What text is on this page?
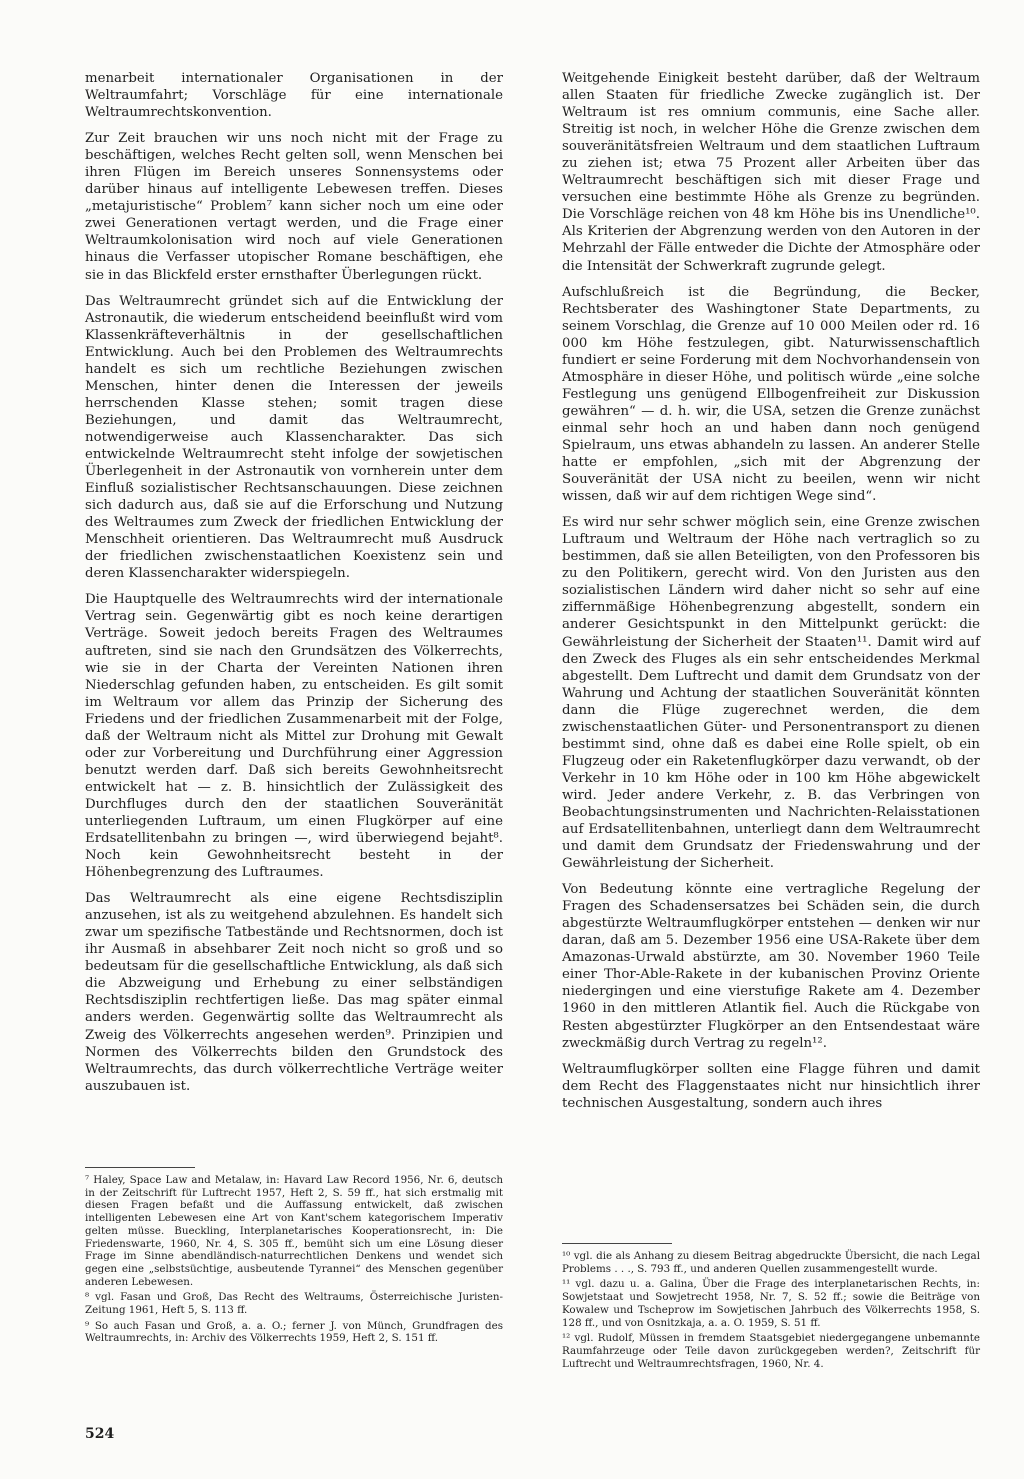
menarbeit internationaler Organisationen in der Weltraumfahrt; Vorschläge für eine internationale Weltraumrechtskonvention.

Zur Zeit brauchen wir uns noch nicht mit der Frage zu beschäftigen, welches Recht gelten soll, wenn Menschen bei ihren Flügen im Bereich unseres Sonnensystems oder darüber hinaus auf intelligente Lebewesen treffen. Dieses „metajuristische“ Problem⁷ kann sicher noch um eine oder zwei Generationen vertagt werden, und die Frage einer Weltraumkolonisation wird noch auf viele Generationen hinaus die Verfasser utopischer Romane beschäftigen, ehe sie in das Blickfeld erster ernsthafter Überlegungen rückt.

Das Weltraumrecht gründet sich auf die Entwicklung der Astronautik, die wiederum entscheidend beeinflußt wird vom Klassenkräfteverhältnis in der gesellschaftlichen Entwicklung. Auch bei den Problemen des Weltraumrechts handelt es sich um rechtliche Beziehungen zwischen Menschen, hinter denen die Interessen der jeweils herrschenden Klasse stehen; somit tragen diese Beziehungen, und damit das Weltraumrecht, notwendigerweise auch Klassencharakter. Das sich entwickelnde Weltraumrecht steht infolge der sowjetischen Überlegenheit in der Astronautik von vornherein unter dem Einfluß sozialistischer Rechtsanschauungen. Diese zeichnen sich dadurch aus, daß sie auf die Erforschung und Nutzung des Weltraumes zum Zweck der friedlichen Entwicklung der Menschheit orientieren. Das Weltraumrecht muß Ausdruck der friedlichen zwischenstaatlichen Koexistenz sein und deren Klassencharakter widerspiegeln.

Die Hauptquelle des Weltraumrechts wird der internationale Vertrag sein. Gegenwärtig gibt es noch keine derartigen Verträge. Soweit jedoch bereits Fragen des Weltraumes auftreten, sind sie nach den Grundsätzen des Völkerrechts, wie sie in der Charta der Vereinten Nationen ihren Niederschlag gefunden haben, zu entscheiden. Es gilt somit im Weltraum vor allem das Prinzip der Sicherung des Friedens und der friedlichen Zusammenarbeit mit der Folge, daß der Weltraum nicht als Mittel zur Drohung mit Gewalt oder zur Vorbereitung und Durchführung einer Aggression benutzt werden darf. Daß sich bereits Gewohnheitsrecht entwickelt hat — z. B. hinsichtlich der Zulässigkeit des Durchfluges durch den der staatlichen Souveränität unterliegenden Luftraum, um einen Flugkörper auf eine Erdsatellitenbahn zu bringen —, wird überwiegend bejaht⁸. Noch kein Gewohnheitsrecht besteht in der Höhenbegrenzung des Luftraumes.

Das Weltraumrecht als eine eigene Rechtsdisziplin anzusehen, ist als zu weitgehend abzulehnen. Es handelt sich zwar um spezifische Tatbestände und Rechtsnormen, doch ist ihr Ausmaß in absehbarer Zeit noch nicht so groß und so bedeutsam für die gesellschaftliche Entwicklung, als daß sich die Abzweigung und Erhebung zu einer selbständigen Rechtsdisziplin rechtfertigen ließe. Das mag später einmal anders werden. Gegenwärtig sollte das Weltraumrecht als Zweig des Völkerrechts angesehen werden⁹. Prinzipien und Normen des Völkerrechts bilden den Grundstock des Weltraumrechts, das durch völkerrechtliche Verträge weiter auszubauen ist.

Weitgehende Einigkeit besteht darüber, daß der Weltraum allen Staaten für friedliche Zwecke zugänglich ist. Der Weltraum ist res omnium communis, eine Sache aller. Streitig ist noch, in welcher Höhe die Grenze zwischen dem souveränitätsfreien Weltraum und dem staatlichen Luftraum zu ziehen ist; etwa 75 Prozent aller Arbeiten über das Weltraumrecht beschäftigen sich mit dieser Frage und versuchen eine bestimmte Höhe als Grenze zu begründen. Die Vorschläge reichen von 48 km Höhe bis ins Unendliche¹⁰. Als Kriterien der Abgrenzung werden von den Autoren in der Mehrzahl der Fälle entweder die Dichte der Atmosphäre oder die Intensität der Schwerkraft zugrunde gelegt.

Aufschlußreich ist die Begründung, die Becker, Rechtsberater des Washingtoner State Departments, zu seinem Vorschlag, die Grenze auf 10 000 Meilen oder rd. 16 000 km Höhe festzulegen, gibt. Naturwissenschaftlich fundiert er seine Forderung mit dem Nochvorhandensein von Atmosphäre in dieser Höhe, und politisch würde „eine solche Festlegung uns genügend Ellbogenfreiheit zur Diskussion gewähren“ — d. h. wir, die USA, setzen die Grenze zunächst einmal sehr hoch an und haben dann noch genügend Spielraum, uns etwas abhandeln zu lassen. An anderer Stelle hatte er empfohlen, „sich mit der Abgrenzung der Souveränität der USA nicht zu beeilen, wenn wir nicht wissen, daß wir auf dem richtigen Wege sind“.

Es wird nur sehr schwer möglich sein, eine Grenze zwischen Luftraum und Weltraum der Höhe nach vertraglich so zu bestimmen, daß sie allen Beteiligten, von den Professoren bis zu den Politikern, gerecht wird. Von den Juristen aus den sozialistischen Ländern wird daher nicht so sehr auf eine ziffernmäßige Höhenbegrenzung abgestellt, sondern ein anderer Gesichtspunkt in den Mittelpunkt gerückt: die Gewährleistung der Sicherheit der Staaten¹¹. Damit wird auf den Zweck des Fluges als ein sehr entscheidendes Merkmal abgestellt. Dem Luftrecht und damit dem Grundsatz von der Wahrung und Achtung der staatlichen Souveränität könnten dann die Flüge zugerechnet werden, die dem zwischenstaatlichen Güter- und Personentransport zu dienen bestimmt sind, ohne daß es dabei eine Rolle spielt, ob ein Flugzeug oder ein Raketenflugkörper dazu verwandt, ob der Verkehr in 10 km Höhe oder in 100 km Höhe abgewickelt wird. Jeder andere Verkehr, z. B. das Verbringen von Beobachtungsinstrumenten und Nachrichten-Relaisstationen auf Erdsatellitenbahnen, unterliegt dann dem Weltraumrecht und damit dem Grundsatz der Friedenswahrung und der Gewährleistung der Sicherheit.

Von Bedeutung könnte eine vertragliche Regelung der Fragen des Schadensersatzes bei Schäden sein, die durch abgestürzte Weltraumflugkörper entstehen — denken wir nur daran, daß am 5. Dezember 1956 eine USA-Rakete über dem Amazonas-Urwald abstürzte, am 30. November 1960 Teile einer Thor-Able-Rakete in der kubanischen Provinz Oriente niedergingen und eine vierstufige Rakete am 4. Dezember 1960 in den mittleren Atlantik fiel. Auch die Rückgabe von Resten abgestürzter Flugkörper an den Entsendestaat wäre zweckmäßig durch Vertrag zu regeln¹².

Weltraumflugkörper sollten eine Flagge führen und damit dem Recht des Flaggenstaates nicht nur hinsichtlich ihrer technischen Ausgestaltung, sondern auch ihres

⁷ Haley, Space Law and Metalaw, in: Havard Law Record 1956, Nr. 6, deutsch in der Zeitschrift für Luftrecht 1957, Heft 2, S. 59 ff., hat sich erstmalig mit diesen Fragen befaßt und die Auffassung entwickelt, daß zwischen intelligenten Lebewesen eine Art von Kant'schem kategorischem Imperativ gelten müsse. Bueckling, Interplanetarisches Kooperationsrecht, in: Die Friedenswarte, 1960, Nr. 4, S. 305 ff., bemüht sich um eine Lösung dieser Frage im Sinne abendländisch-naturrechtlichen Denkens und wendet sich gegen eine „selbstsüchtige, ausbeutende Tyrannei“ des Menschen gegenüber anderen Lebewesen.

⁸ vgl. Fasan und Groß, Das Recht des Weltraums, Österreichische Juristen-Zeitung 1961, Heft 5, S. 113 ff.

⁹ So auch Fasan und Groß, a. a. O.; ferner J. von Münch, Grundfragen des Weltraumrechts, in: Archiv des Völkerrechts 1959, Heft 2, S. 151 ff.

¹⁰ vgl. die als Anhang zu diesem Beitrag abgedruckte Übersicht, die nach Legal Problems . . ., S. 793 ff., und anderen Quellen zusammengestellt wurde.

¹¹ vgl. dazu u. a. Galina, Über die Frage des interplanetarischen Rechts, in: Sowjetstaat und Sowjetrecht 1958, Nr. 7, S. 52 ff.; sowie die Beiträge von Kowalew und Tscheprow im Sowjetischen Jahrbuch des Völkerrechts 1958, S. 128 ff., und von Osnitzkaja, a. a. O. 1959, S. 51 ff.

¹² vgl. Rudolf, Müssen in fremdem Staatsgebiet niedergegangene unbemannte Raumfahrzeuge oder Teile davon zurückgegeben werden?, Zeitschrift für Luftrecht und Weltraumrechtsfragen, 1960, Nr. 4.

524
